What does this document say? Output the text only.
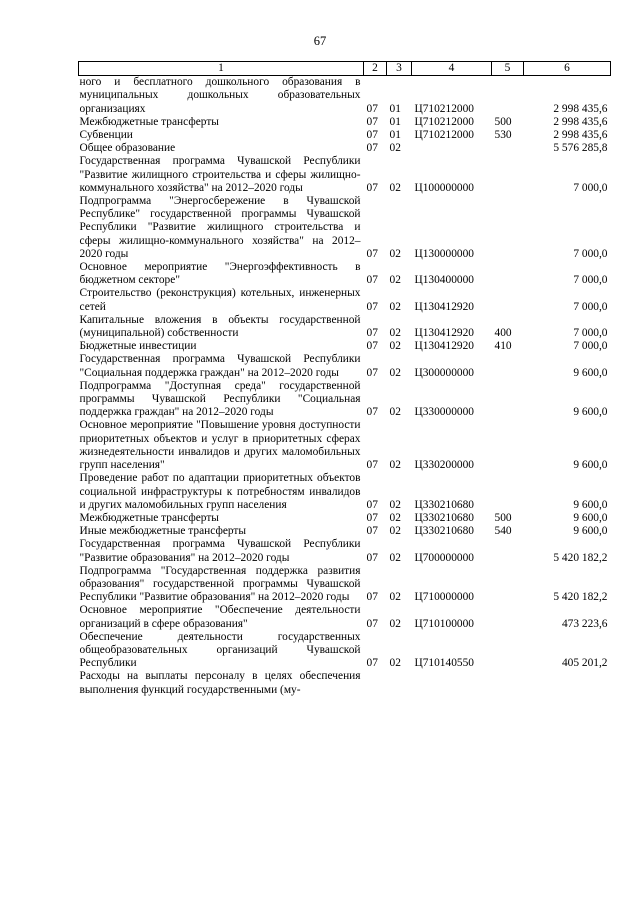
67
1	2	3	4	5	6
ного и бесплатного дошкольного образования в муниципальных дошкольных образовательных организациях	07	01	Ц710212000		2 998 435,6
Межбюджетные трансферты	07	01	Ц710212000	500	2 998 435,6
Субвенции	07	01	Ц710212000	530	2 998 435,6
Общее образование	07	02			5 576 285,8
Государственная программа Чувашской Республики "Развитие жилищного строительства и сферы жилищно-коммунального хозяйства" на 2012–2020 годы	07	02	Ц100000000		7 000,0
Подпрограмма "Энергосбережение в Чувашской Республике" государственной программы Чувашской Республики "Развитие жилищного строительства и сферы жилищно-коммунального хозяйства" на 2012–2020 годы	07	02	Ц130000000		7 000,0
Основное мероприятие "Энергоэффективность в бюджетном секторе"	07	02	Ц130400000		7 000,0
Строительство (реконструкция) котельных, инженерных сетей	07	02	Ц130412920		7 000,0
Капитальные вложения в объекты государственной (муниципальной) собственности	07	02	Ц130412920	400	7 000,0
Бюджетные инвестиции	07	02	Ц130412920	410	7 000,0
Государственная программа Чувашской Республики "Социальная поддержка граждан" на 2012–2020 годы	07	02	Ц300000000		9 600,0
Подпрограмма "Доступная среда" государственной программы Чувашской Республики "Социальная поддержка граждан" на 2012–2020 годы	07	02	Ц330000000		9 600,0
Основное мероприятие "Повышение уровня доступности приоритетных объектов и услуг в приоритетных сферах жизнедеятельности инвалидов и других маломобильных групп населения"	07	02	Ц330200000		9 600,0
Проведение работ по адаптации приоритетных объектов социальной инфраструктуры к потребностям инвалидов и других маломобильных групп населения	07	02	Ц330210680		9 600,0
Межбюджетные трансферты	07	02	Ц330210680	500	9 600,0
Иные межбюджетные трансферты	07	02	Ц330210680	540	9 600,0
Государственная программа Чувашской Республики "Развитие образования" на 2012–2020 годы	07	02	Ц700000000		5 420 182,2
Подпрограмма "Государственная поддержка развития образования" государственной программы Чувашской Республики "Развитие образования" на 2012–2020 годы	07	02	Ц710000000		5 420 182,2
Основное мероприятие "Обеспечение деятельности организаций в сфере образования"	07	02	Ц710100000		473 223,6
Обеспечение деятельности государственных общеобразовательных организаций Чувашской Республики	07	02	Ц710140550		405 201,2
Расходы на выплаты персоналу в целях обеспечения выполнения функций государственными (му-					
